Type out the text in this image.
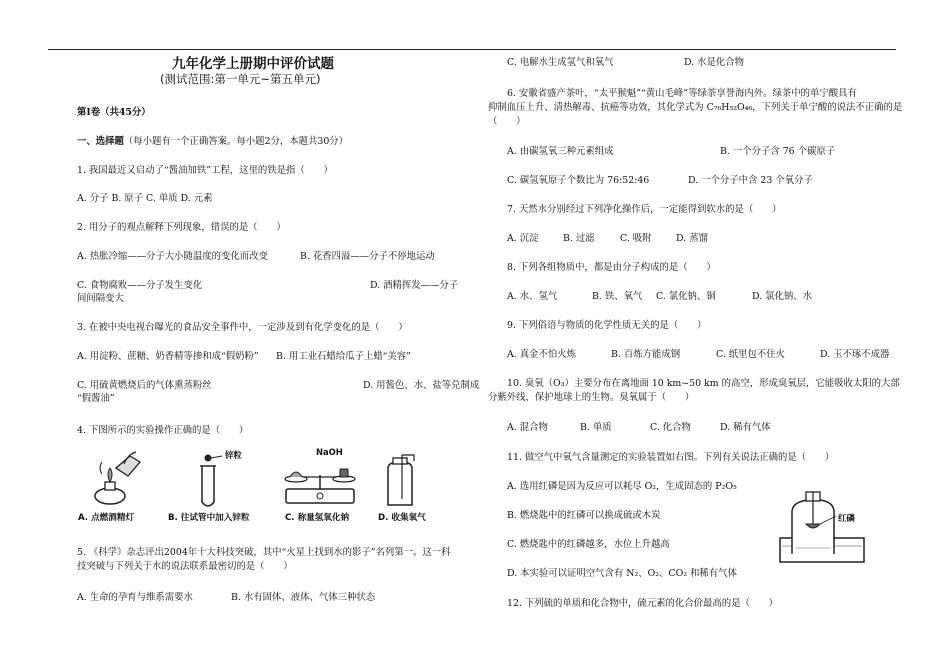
九年化学上册期中评价试题
(测试范围:第一单元~第五单元)
第Ⅰ卷（共45分）
一、选择题（每小题有一个正确答案。每小题2分，本题共30分）
1. 我国最近又启动了“酱油加铁”工程，这里的铁是指（　　）
A. 分子 B. 原子 C. 单质 D. 元素
2. 用分子的观点解释下列现象，错误的是（　　）
A. 热胀冷缩——分子大小随温度的变化而改变	B. 花香四溢——分子不停地运动
C. 食物腐败——分子发生变化	D. 酒精挥发——分子
间间隔变大
3. 在被中央电视台曝光的食品安全事件中，一定涉及到有化学变化的是（　　）
A. 用淀粉、蔗糖、奶香精等掺和成“假奶粉” B. 用工业石蜡给瓜子上蜡“美容”
C. 用硫黄燃烧后的气体熏蒸粉丝	D. 用酱色、水、盐等兑制成
“假酱油”
4. 下图所示的实验操作正确的是（　　）
A. 点燃酒精灯
锌粒
B. 往试管中加入锌粒
NaOH
C. 称量氢氧化钠	D. 收集氧气
5. 《科学》杂志评出2004年十大科技突破，其中“火星上找到水的影子”名列第一。这一科
技突破与下列关于水的说法联系最密切的是（　　）
A. 生命的孕育与维系需要水	B. 水有固体、液体、气体三种状态
C. 电解水生成氢气和氧气	D. 水是化合物
6. 安徽省盛产茶叶，“太平猴魁”“黄山毛峰”等绿茶享誉海内外。绿茶中的单宁酸具有
抑制血压上升、清热解毒、抗癌等功效，其化学式为 C₇₆H₅₂O₄₆，下列关于单宁酸的说法不正确的是
（　　）
A. 由碳氢氧三种元素组成	B. 一个分子含 76 个碳原子
C. 碳氢氧原子个数比为 76:52:46	D. 一个分子中含 23 个氧分子
7. 天然水分别经过下列净化操作后，一定能得到软水的是（　　）
A. 沉淀	B. 过滤	C. 吸附	D. 蒸馏
8. 下列各组物质中，都是由分子构成的是（　　）
A. 水、氢气	B. 铁、氧气 C. 氯化钠、铜	D. 氯化钠、水
9. 下列俗语与物质的化学性质无关的是（　　）
A. 真金不怕火炼	B. 百炼方能成钢	C. 纸里包不住火	D. 玉不琢不成器
10. 臭氧（O₃）主要分布在离地面 10 km~50 km 的高空，形成臭氧层，它能吸收太阳的大部
分紫外线，保护地球上的生物。臭氧属于（　　）
A. 混合物	B. 单质	C. 化合物	D. 稀有气体
11. 做空气中氧气含量测定的实验装置如右图。下列有关说法正确的是（　　）
A. 选用红磷是因为反应可以耗尽 O₂，生成固态的 P₂O₅
B. 燃烧匙中的红磷可以换成硫或木炭
C. 燃烧匙中的红磷越多，水位上升越高
D. 本实验可以证明空气含有 N₂、O₂、CO₂ 和稀有气体
红磷
12. 下列硫的单质和化合物中，硫元素的化合价最高的是（　　）
